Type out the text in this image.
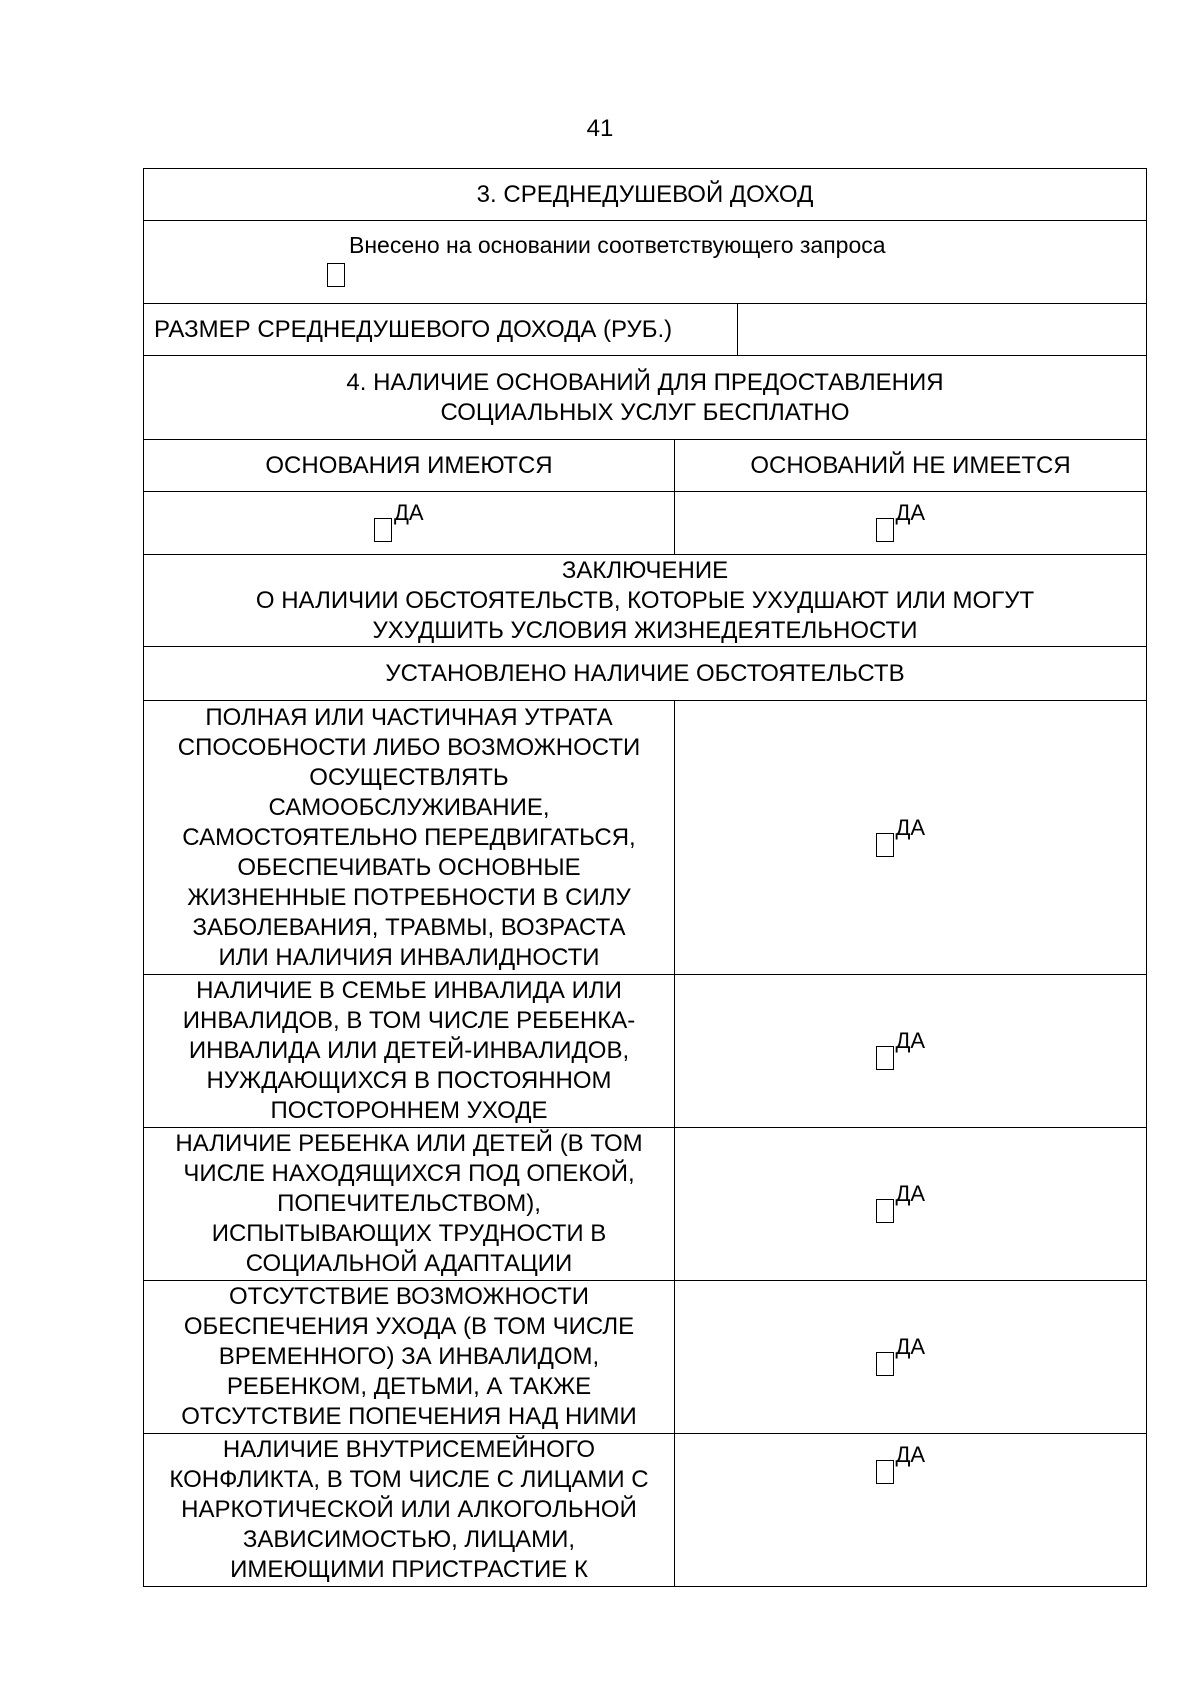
41
3. СРЕДНЕДУШЕВОЙ ДОХОД
Внесено на основании соответствующего запроса
РАЗМЕР СРЕДНЕДУШЕВОГО ДОХОДА (РУБ.)
4. НАЛИЧИЕ ОСНОВАНИЙ ДЛЯ ПРЕДОСТАВЛЕНИЯ
СОЦИАЛЬНЫХ УСЛУГ БЕСПЛАТНО
ОСНОВАНИЯ ИМЕЮТСЯ	ОСНОВАНИЙ НЕ ИМЕЕТСЯ
ДА	ДА
ЗАКЛЮЧЕНИЕ
О НАЛИЧИИ ОБСТОЯТЕЛЬСТВ, КОТОРЫЕ УХУДШАЮТ ИЛИ МОГУТ
УХУДШИТЬ УСЛОВИЯ ЖИЗНЕДЕЯТЕЛЬНОСТИ
УСТАНОВЛЕНО НАЛИЧИЕ ОБСТОЯТЕЛЬСТВ
ПОЛНАЯ ИЛИ ЧАСТИЧНАЯ УТРАТА
СПОСОБНОСТИ ЛИБО ВОЗМОЖНОСТИ
ОСУЩЕСТВЛЯТЬ
САМООБСЛУЖИВАНИЕ,
САМОСТОЯТЕЛЬНО ПЕРЕДВИГАТЬСЯ,
ОБЕСПЕЧИВАТЬ ОСНОВНЫЕ
ЖИЗНЕННЫЕ ПОТРЕБНОСТИ В СИЛУ
ЗАБОЛЕВАНИЯ, ТРАВМЫ, ВОЗРАСТА
ИЛИ НАЛИЧИЯ ИНВАЛИДНОСТИ
ДА
НАЛИЧИЕ В СЕМЬЕ ИНВАЛИДА ИЛИ
ИНВАЛИДОВ, В ТОМ ЧИСЛЕ РЕБЕНКА-
ИНВАЛИДА ИЛИ ДЕТЕЙ-ИНВАЛИДОВ,
НУЖДАЮЩИХСЯ В ПОСТОЯННОМ
ПОСТОРОННЕМ УХОДЕ
ДА
НАЛИЧИЕ РЕБЕНКА ИЛИ ДЕТЕЙ (В ТОМ
ЧИСЛЕ НАХОДЯЩИХСЯ ПОД ОПЕКОЙ,
ПОПЕЧИТЕЛЬСТВОМ),
ИСПЫТЫВАЮЩИХ ТРУДНОСТИ В
СОЦИАЛЬНОЙ АДАПТАЦИИ
ДА
ОТСУТСТВИЕ ВОЗМОЖНОСТИ
ОБЕСПЕЧЕНИЯ УХОДА (В ТОМ ЧИСЛЕ
ВРЕМЕННОГО) ЗА ИНВАЛИДОМ,
РЕБЕНКОМ, ДЕТЬМИ, А ТАКЖЕ
ОТСУТСТВИЕ ПОПЕЧЕНИЯ НАД НИМИ
ДА
НАЛИЧИЕ ВНУТРИСЕМЕЙНОГО
КОНФЛИКТА, В ТОМ ЧИСЛЕ С ЛИЦАМИ С
НАРКОТИЧЕСКОЙ ИЛИ АЛКОГОЛЬНОЙ
ЗАВИСИМОСТЬЮ, ЛИЦАМИ,
ИМЕЮЩИМИ ПРИСТРАСТИЕ К
ДА
